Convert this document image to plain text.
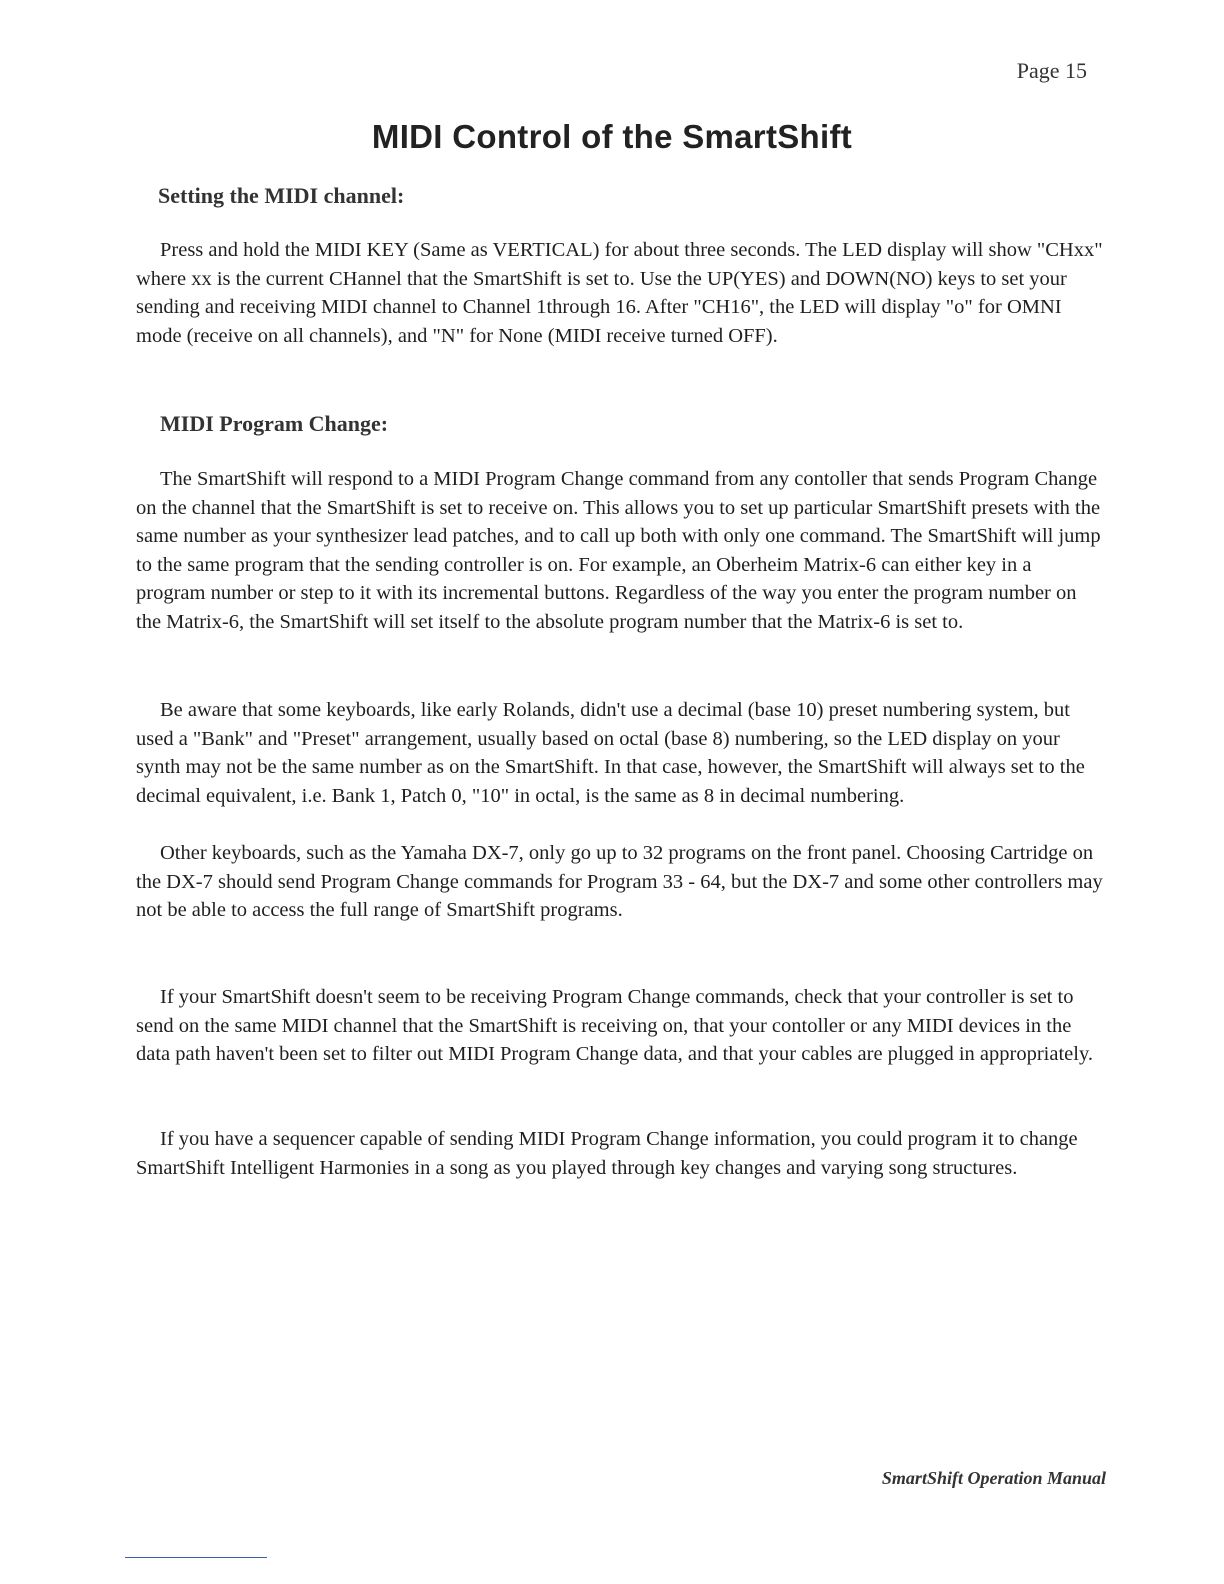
Page 15
MIDI Control of the SmartShift
Setting the MIDI channel:

Press and hold the MIDI KEY (Same as VERTICAL) for about three seconds. The LED display will show "CHxx" where xx is the current CHannel that the SmartShift is set to. Use the UP(YES) and DOWN(NO) keys to set your sending and receiving MIDI channel to Channel 1through 16. After "CH16", the LED will display "o" for OMNI mode (receive on all channels), and "N" for None (MIDI receive turned OFF).

MIDI Program Change:

The SmartShift will respond to a MIDI Program Change command from any contoller that sends Program Change on the channel that the SmartShift is set to receive on. This allows you to set up particular SmartShift presets with the same number as your synthesizer lead patches, and to call up both with only one command. The SmartShift will jump to the same program that the sending controller is on. For example, an Oberheim Matrix-6 can either key in a program number or step to it with its incremental buttons. Regardless of the way you enter the program number on the Matrix-6, the SmartShift will set itself to the absolute program number that the Matrix-6 is set to.

Be aware that some keyboards, like early Rolands, didn't use a decimal (base 10) preset numbering system, but used a "Bank" and "Preset" arrangement, usually based on octal (base 8) numbering, so the LED display on your synth may not be the same number as on the SmartShift. In that case, however, the SmartShift will always set to the decimal equivalent, i.e. Bank 1, Patch 0, "10" in octal, is the same as 8 in decimal numbering.

Other keyboards, such as the Yamaha DX-7, only go up to 32 programs on the front panel. Choosing Cartridge on the DX-7 should send Program Change commands for Program 33 - 64, but the DX-7 and some other controllers may not be able to access the full range of SmartShift programs.

If your SmartShift doesn't seem to be receiving Program Change commands, check that your controller is set to send on the same MIDI channel that the SmartShift is receiving on, that your contoller or any MIDI devices in the data path haven't been set to filter out MIDI Program Change data, and that your cables are plugged in appropriately.

If you have a sequencer capable of sending MIDI Program Change information, you could program it to change SmartShift Intelligent Harmonies in a song as you played through key changes and varying song structures.

SmartShift Operation Manual
